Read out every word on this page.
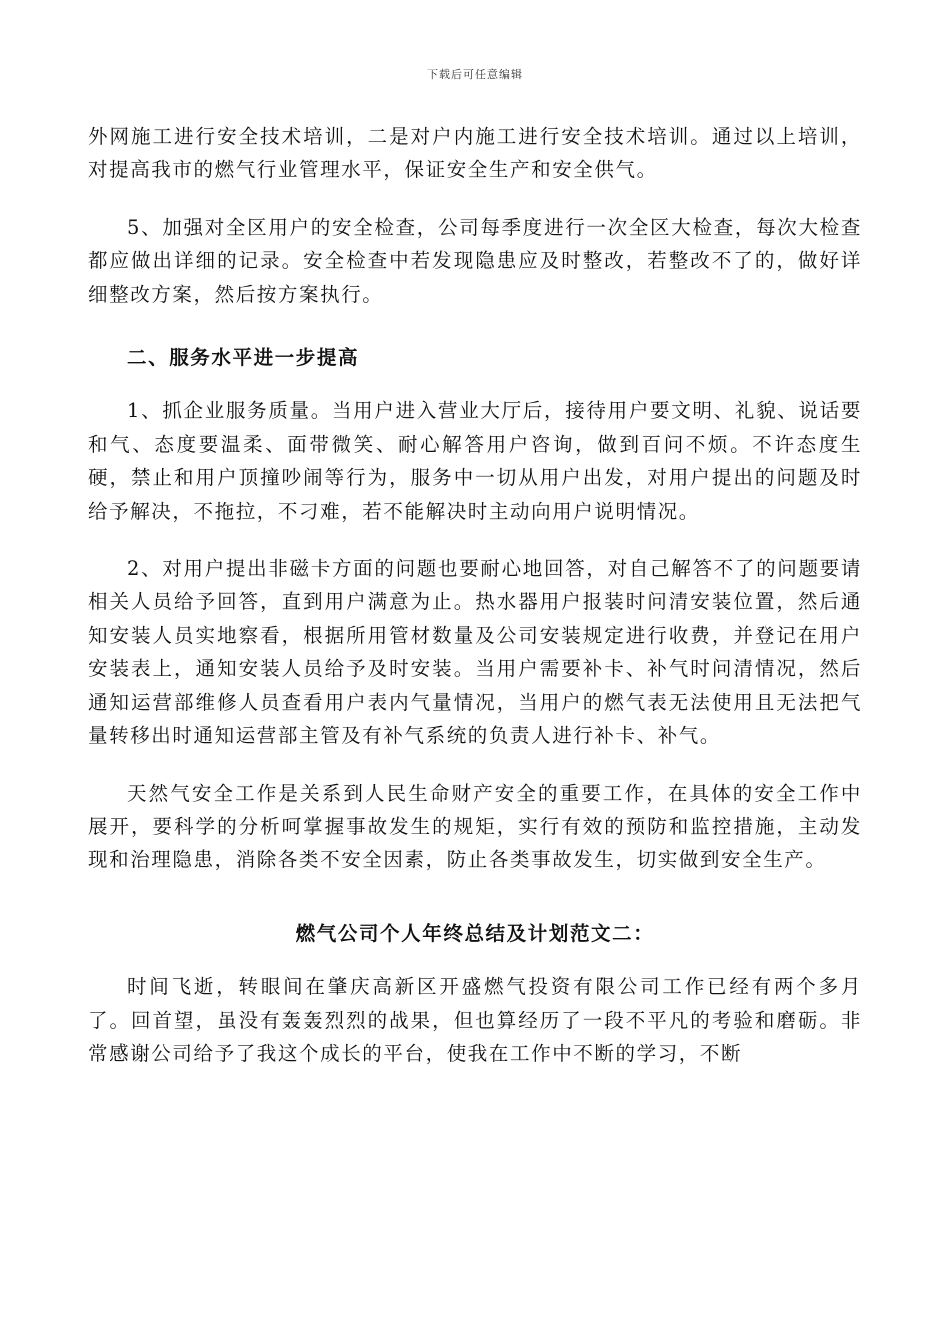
下载后可任意编辑

外网施工进行安全技术培训，二是对户内施工进行安全技术培训。通过以上培训，对提高我市的燃气行业管理水平，保证安全生产和安全供气。

5、加强对全区用户的安全检查，公司每季度进行一次全区大检查，每次大检查都应做出详细的记录。安全检查中若发现隐患应及时整改，若整改不了的，做好详细整改方案，然后按方案执行。

二、服务水平进一步提高

1、抓企业服务质量。当用户进入营业大厅后，接待用户要文明、礼貌、说话要和气、态度要温柔、面带微笑、耐心解答用户咨询，做到百问不烦。不许态度生硬，禁止和用户顶撞吵闹等行为，服务中一切从用户出发，对用户提出的问题及时给予解决，不拖拉，不刁难，若不能解决时主动向用户说明情况。

2、对用户提出非磁卡方面的问题也要耐心地回答，对自己解答不了的问题要请相关人员给予回答，直到用户满意为止。热水器用户报装时问清安装位置，然后通知安装人员实地察看，根据所用管材数量及公司安装规定进行收费，并登记在用户安装表上，通知安装人员给予及时安装。当用户需要补卡、补气时问清情况，然后通知运营部维修人员查看用户表内气量情况，当用户的燃气表无法使用且无法把气量转移出时通知运营部主管及有补气系统的负责人进行补卡、补气。

天然气安全工作是关系到人民生命财产安全的重要工作，在具体的安全工作中展开，要科学的分析呵掌握事故发生的规矩，实行有效的预防和监控措施，主动发现和治理隐患，消除各类不安全因素，防止各类事故发生，切实做到安全生产。

燃气公司个人年终总结及计划范文二：

时间飞逝，转眼间在肇庆高新区开盛燃气投资有限公司工作已经有两个多月了。回首望，虽没有轰轰烈烈的战果，但也算经历了一段不平凡的考验和磨砺。非常感谢公司给予了我这个成长的平台，使我在工作中不断的学习，不断
